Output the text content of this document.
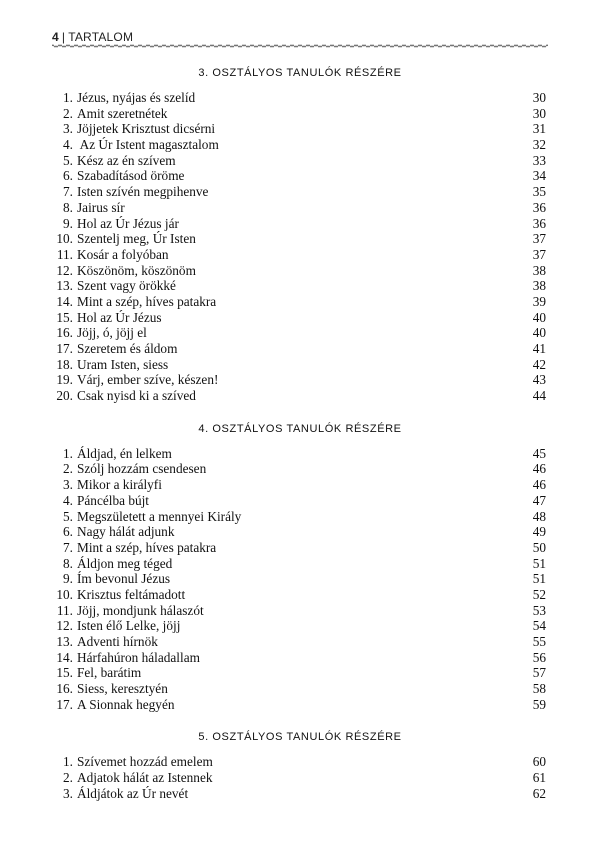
4 | TARTALOM
3. OSZTÁLYOS TANULÓK RÉSZÉRE
1. Jézus, nyájas és szelíd	30
2. Amit szeretnétek	30
3. Jöjjetek Krisztust dicsérni	31
4. Az Úr Istent magasztalom	32
5. Kész az én szívem	33
6. Szabadításod öröme	34
7. Isten szívén megpihenve	35
8. Jairus sír	36
9. Hol az Úr Jézus jár	36
10. Szentelj meg, Úr Isten	37
11. Kosár a folyóban	37
12. Köszönöm, köszönöm	38
13. Szent vagy örökké	38
14. Mint a szép, híves patakra	39
15. Hol az Úr Jézus	40
16. Jöjj, ó, jöjj el	40
17. Szeretem és áldom	41
18. Uram Isten, siess	42
19. Várj, ember szíve, készen!	43
20. Csak nyisd ki a szíved	44
4. OSZTÁLYOS TANULÓK RÉSZÉRE
1. Áldjad, én lelkem	45
2. Szólj hozzám csendesen	46
3. Mikor a királyfi	46
4. Páncélba bújt	47
5. Megszületett a mennyei Király	48
6. Nagy hálát adjunk	49
7. Mint a szép, híves patakra	50
8. Áldjon meg téged	51
9. Ím bevonul Jézus	51
10. Krisztus feltámadott	52
11. Jöjj, mondjunk hálaszót	53
12. Isten élő Lelke, jöjj	54
13. Adventi hírnök	55
14. Hárfahúron háladallam	56
15. Fel, barátim	57
16. Siess, keresztyén	58
17. A Sionnak hegyén	59
5. OSZTÁLYOS TANULÓK RÉSZÉRE
1. Szívemet hozzád emelem	60
2. Adjatok hálát az Istennek	61
3. Áldjátok az Úr nevét	62
